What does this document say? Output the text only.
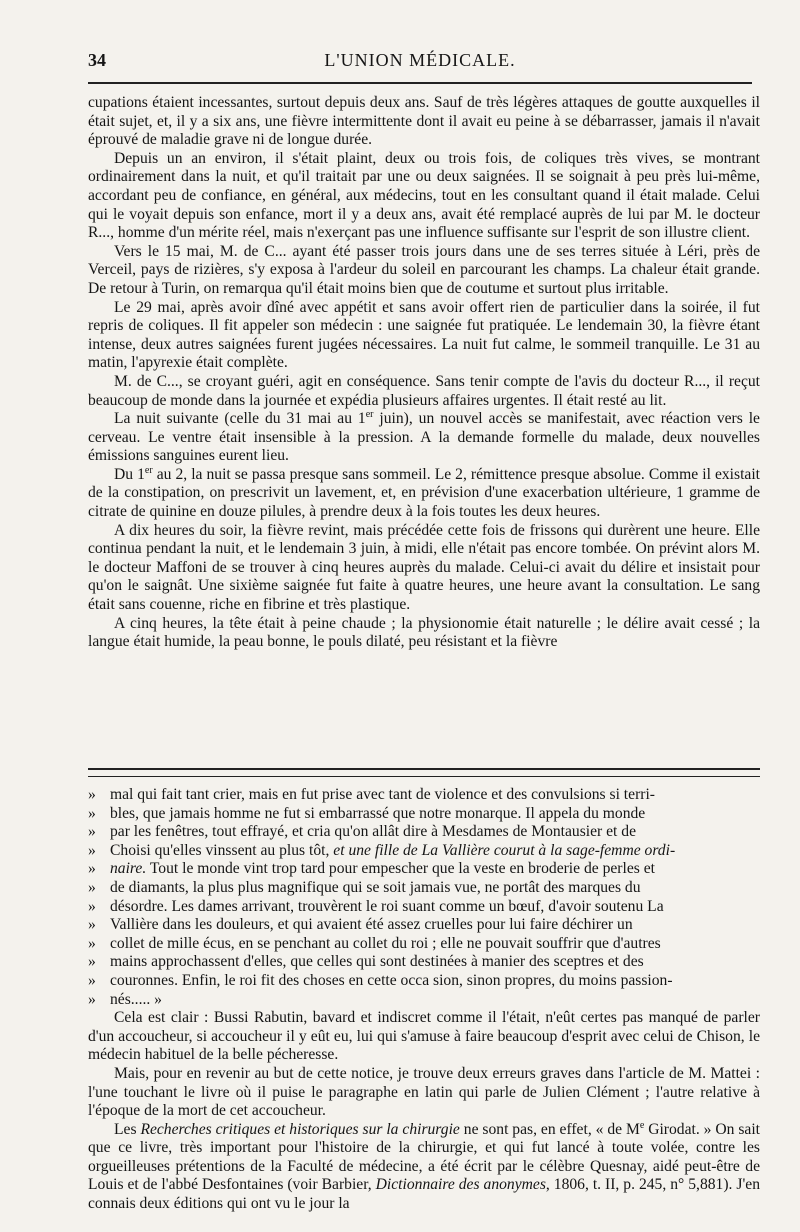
34	L'UNION MÉDICALE.

cupations étaient incessantes, surtout depuis deux ans. Sauf de très légères attaques de goutte auxquelles il était sujet, et, il y a six ans, une fièvre intermittente dont il avait eu peine à se débarrasser, jamais il n'avait éprouvé de maladie grave ni de longue durée.

Depuis un an environ, il s'était plaint, deux ou trois fois, de coliques très vives, se montrant ordinairement dans la nuit, et qu'il traitait par une ou deux saignées. Il se soignait à peu près lui-même, accordant peu de confiance, en général, aux médecins, tout en les consultant quand il était malade. Celui qui le voyait depuis son enfance, mort il y a deux ans, avait été remplacé auprès de lui par M. le docteur R..., homme d'un mérite réel, mais n'exerçant pas une influence suffisante sur l'esprit de son illustre client.

Vers le 15 mai, M. de C... ayant été passer trois jours dans une de ses terres située à Léri, près de Verceil, pays de rizières, s'y exposa à l'ardeur du soleil en parcourant les champs. La chaleur était grande. De retour à Turin, on remarqua qu'il était moins bien que de coutume et surtout plus irritable.

Le 29 mai, après avoir dîné avec appétit et sans avoir offert rien de particulier dans la soirée, il fut repris de coliques. Il fit appeler son médecin : une saignée fut pratiquée. Le lendemain 30, la fièvre étant intense, deux autres saignées furent jugées nécessaires. La nuit fut calme, le sommeil tranquille. Le 31 au matin, l'apyrexie était complète.

M. de C..., se croyant guéri, agit en conséquence. Sans tenir compte de l'avis du docteur R..., il reçut beaucoup de monde dans la journée et expédia plusieurs affaires urgentes. Il était resté au lit.

La nuit suivante (celle du 31 mai au 1er juin), un nouvel accès se manifestait, avec réaction vers le cerveau. Le ventre était insensible à la pression. A la demande formelle du malade, deux nouvelles émissions sanguines eurent lieu.

Du 1er au 2, la nuit se passa presque sans sommeil. Le 2, rémittence presque absolue. Comme il existait de la constipation, on prescrivit un lavement, et, en prévision d'une exacerbation ultérieure, 1 gramme de citrate de quinine en douze pilules, à prendre deux à la fois toutes les deux heures.

A dix heures du soir, la fièvre revint, mais précédée cette fois de frissons qui durèrent une heure. Elle continua pendant la nuit, et le lendemain 3 juin, à midi, elle n'était pas encore tombée. On prévint alors M. le docteur Maffoni de se trouver à cinq heures auprès du malade. Celui-ci avait du délire et insistait pour qu'on le saignât. Une sixième saignée fut faite à quatre heures, une heure avant la consultation. Le sang était sans couenne, riche en fibrine et très plastique.

A cinq heures, la tête était à peine chaude ; la physionomie était naturelle ; le délire avait cessé ; la langue était humide, la peau bonne, le pouls dilaté, peu résistant et la fièvre

» mal qui fait tant crier, mais en fut prise avec tant de violence et des convulsions si terri-
» bles, que jamais homme ne fut si embarrassé que notre monarque. Il appela du monde
» par les fenêtres, tout effrayé, et cria qu'on allât dire à Mesdames de Montausier et de
» Choisi qu'elles vinssent au plus tôt, et une fille de La Vallière courut à la sage-femme ordi-
» naire. Tout le monde vint trop tard pour empescher que la veste en broderie de perles et
» de diamants, la plus plus magnifique qui se soit jamais vue, ne portât des marques du
» désordre. Les dames arrivant, trouvèrent le roi suant comme un bœuf, d'avoir soutenu La
» Vallière dans les douleurs, et qui avaient été assez cruelles pour lui faire déchirer un
» collet de mille écus, en se penchant au collet du roi ; elle ne pouvait souffrir que d'autres
» mains approchassent d'elles, que celles qui sont destinées à manier des sceptres et des
» couronnes. Enfin, le roi fit des choses en cette occa sion, sinon propres, du moins passion-
» nés..... »

Cela est clair : Bussi Rabutin, bavard et indiscret comme il l'était, n'eût certes pas manqué de parler d'un accoucheur, si accoucheur il y eût eu, lui qui s'amuse à faire beaucoup d'esprit avec celui de Chison, le médecin habituel de la belle pécheresse.

Mais, pour en revenir au but de cette notice, je trouve deux erreurs graves dans l'article de M. Mattei : l'une touchant le livre où il puise le paragraphe en latin qui parle de Julien Clément ; l'autre relative à l'époque de la mort de cet accoucheur.

Les Recherches critiques et historiques sur la chirurgie ne sont pas, en effet, « de Me Girodat. » On sait que ce livre, très important pour l'histoire de la chirurgie, et qui fut lancé à toute volée, contre les orgueilleuses prétentions de la Faculté de médecine, a été écrit par le célèbre Quesnay, aidé peut-être de Louis et de l'abbé Desfontaines (voir Barbier, Dictionnaire des anonymes, 1806, t. II, p. 245, n° 5,881). J'en connais deux éditions qui ont vu le jour la
